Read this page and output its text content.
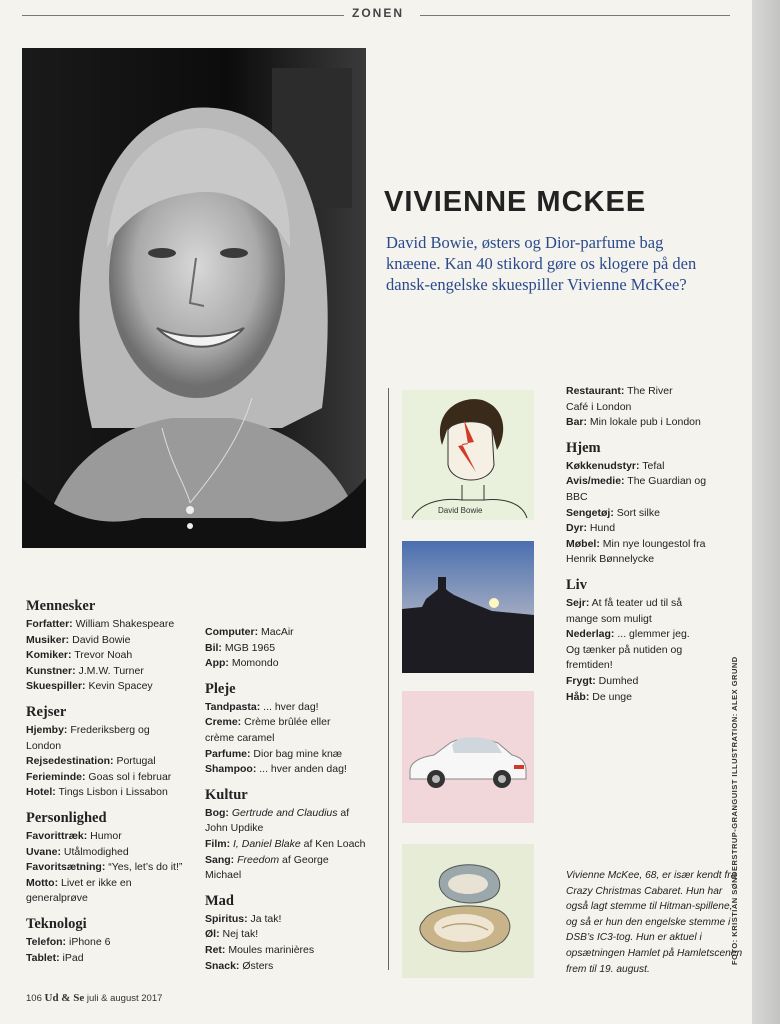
ZONEN
VIVIENNE MCKEE

David Bowie, østers og Dior-parfume bag knæene. Kan 40 stikord gøre os klogere på den dansk-engelske skuespiller Vivienne McKee?

David Bowie
Mennesker
Forfatter: William Shakespeare
Musiker: David Bowie
Komiker: Trevor Noah
Kunstner: J.M.W. Turner
Skuespiller: Kevin Spacey
Rejser
Hjemby: Frederiksberg og London
Rejsedestination: Portugal
Ferieminde: Goas sol i februar
Hotel: Tings Lisbon i Lissabon
Personlighed
Favorittræk: Humor
Uvane: Utålmodighed
Favoritsætning: “Yes, let’s do it!”
Motto: Livet er ikke en generalprøve
Teknologi
Telefon: iPhone 6
Tablet: iPad
Computer: MacAir
Bil: MGB 1965
App: Momondo
Pleje
Tandpasta: ... hver dag!
Creme: Crème brûlée eller crème caramel
Parfume: Dior bag mine knæ
Shampoo: ... hver anden dag!
Kultur
Bog: Gertrude and Claudius af John Updike
Film: I, Daniel Blake af Ken Loach
Sang: Freedom af George Michael
Mad
Spiritus: Ja tak!
Øl: Nej tak!
Ret: Moules marinières
Snack: Østers
Restaurant: The River Café i London
Bar: Min lokale pub i London
Hjem
Køkkenudstyr: Tefal
Avis/medie: The Guardian og BBC
Sengetøj: Sort silke
Dyr: Hund
Møbel: Min nye loungestol fra Henrik Bønnelycke
Liv
Sejr: At få teater ud til så mange som muligt
Nederlag: ... glemmer jeg. Og tænker på nutiden og fremtiden!
Frygt: Dumhed
Håb: De unge

Vivienne McKee, 68, er især kendt fra Crazy Christmas Cabaret. Hun har også lagt stemme til Hitman-spillene, og så er hun den engelske stemme i DSB’s IC3-tog. Hun er aktuel i opsætningen Hamlet på Hamletscenen frem til 19. august.

FOTO: KRISTIAN SØNDERSTRUP-GRANGUIST ILLUSTRATION: ALEX GRUND
106 Ud & Se juli & august 2017
